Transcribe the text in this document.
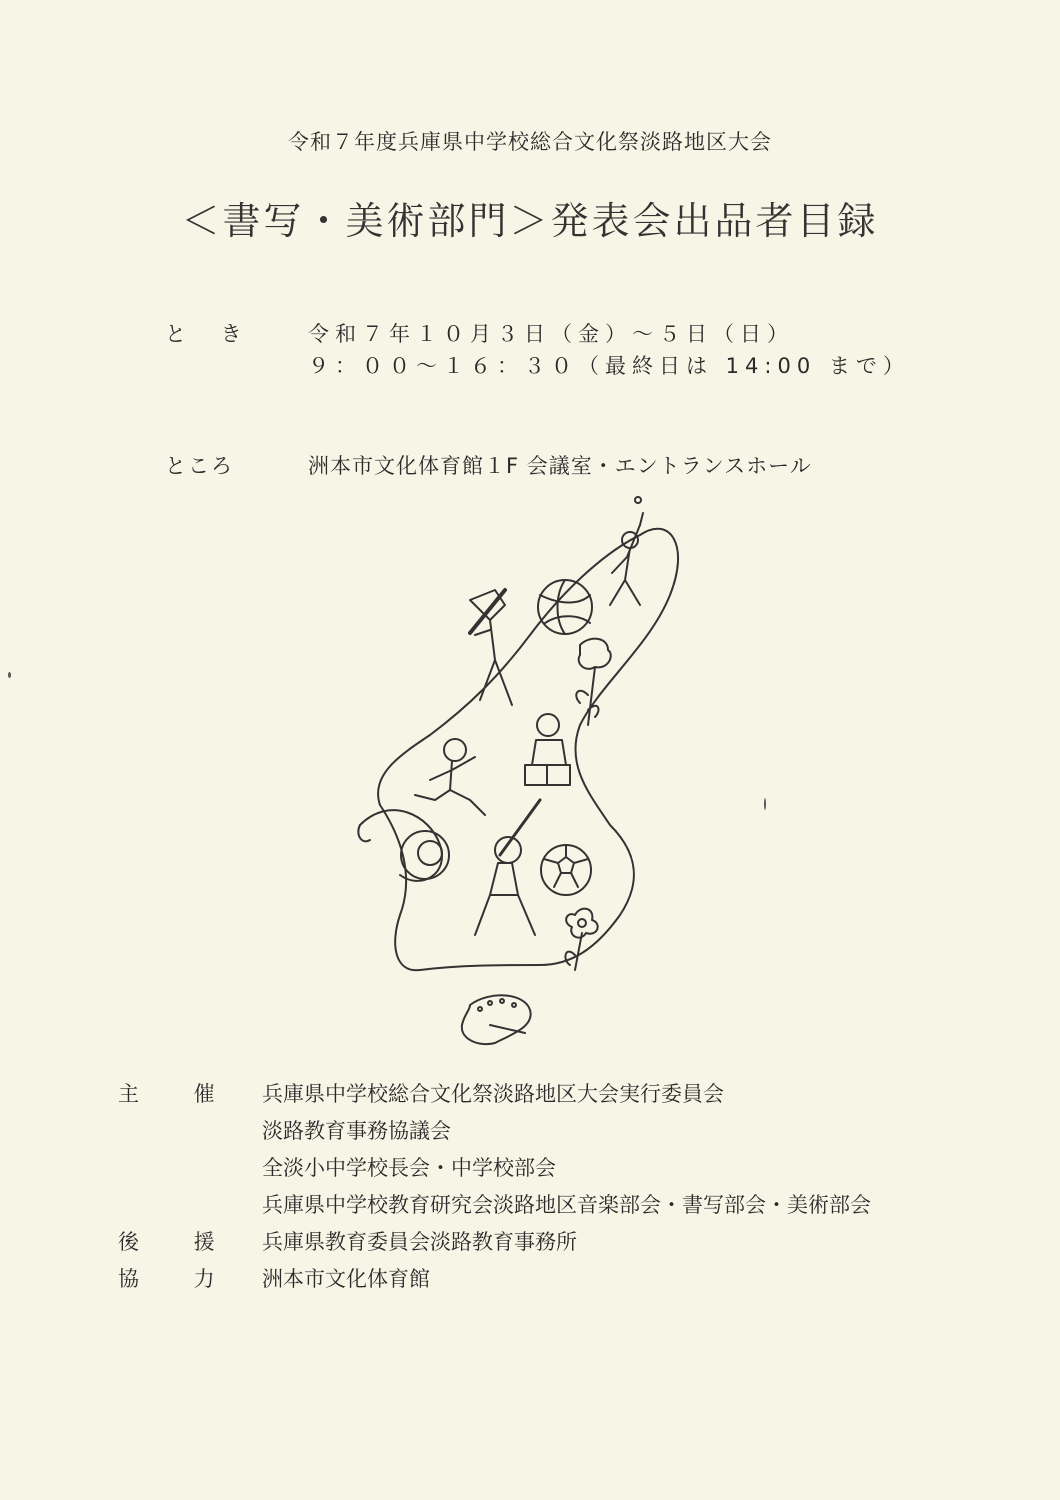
令和７年度兵庫県中学校総合文化祭淡路地区大会
＜書写・美術部門＞発表会出品者目録
と き 令和７年１０月３日（金）～５日（日）
９：００～１６：３０（最終日は 14:00 まで）
ところ	洲本市文化体育館１F 会議室・エントランスホール
主 催 兵庫県中学校総合文化祭淡路地区大会実行委員会
淡路教育事務協議会
全淡小中学校長会・中学校部会
兵庫県中学校教育研究会淡路地区音楽部会・書写部会・美術部会
後 援 兵庫県教育委員会淡路教育事務所
協 力 洲本市文化体育館
